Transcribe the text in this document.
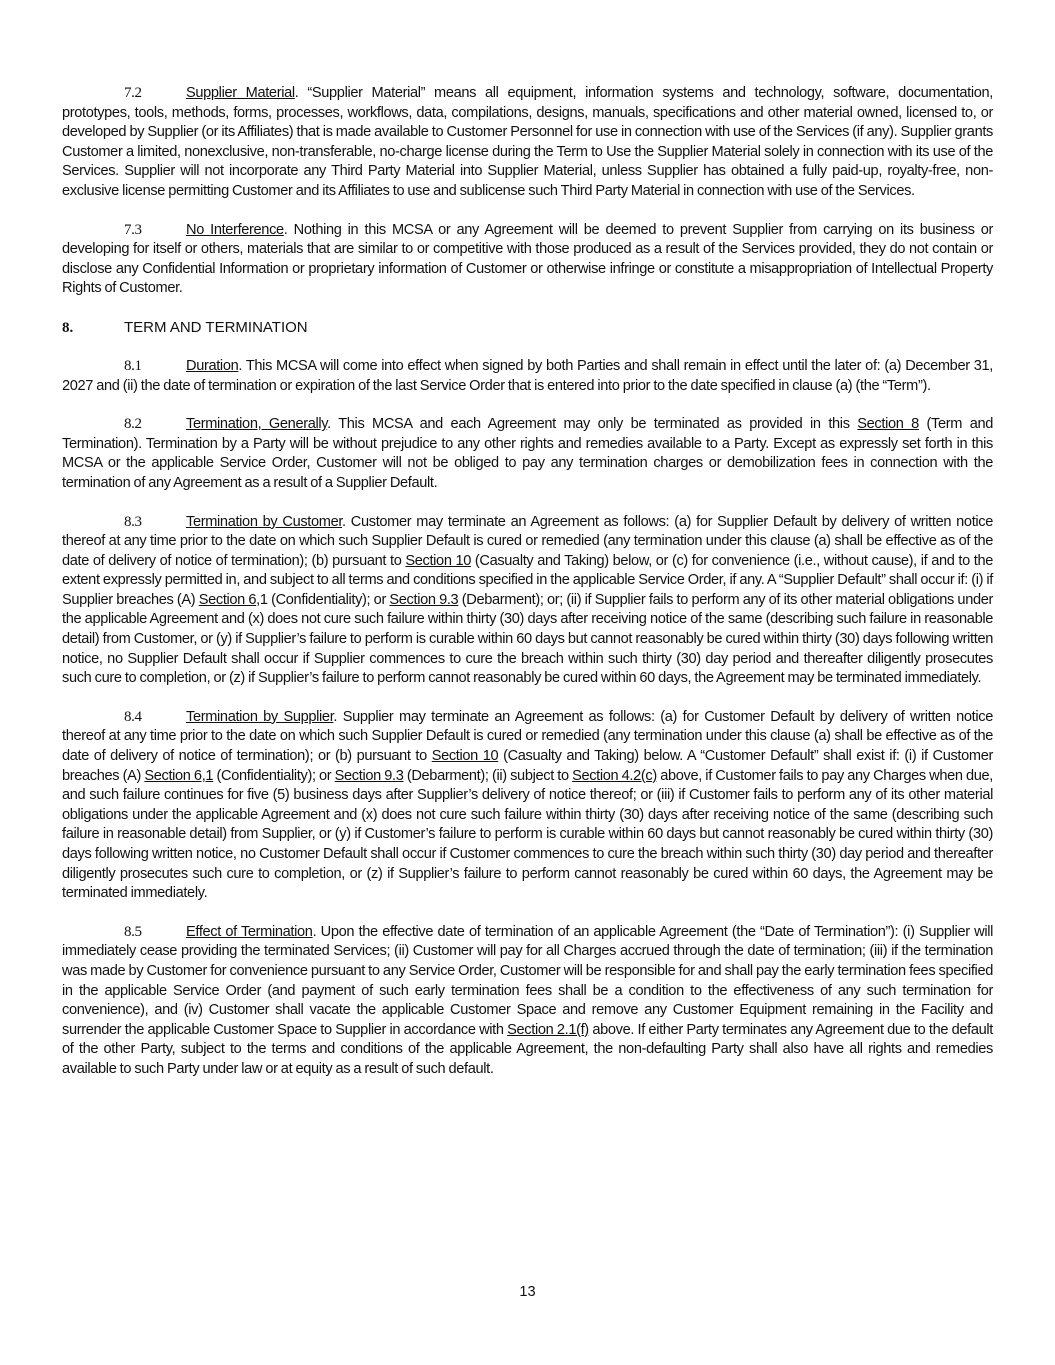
7.2	Supplier Material. “Supplier Material” means all equipment, information systems and technology, software, documentation, prototypes, tools, methods, forms, processes, workflows, data, compilations, designs, manuals, specifications and other material owned, licensed to, or developed by Supplier (or its Affiliates) that is made available to Customer Personnel for use in connection with use of the Services (if any). Supplier grants Customer a limited, nonexclusive, non-transferable, no-charge license during the Term to Use the Supplier Material solely in connection with its use of the Services. Supplier will not incorporate any Third Party Material into Supplier Material, unless Supplier has obtained a fully paid-up, royalty-free, non-exclusive license permitting Customer and its Affiliates to use and sublicense such Third Party Material in connection with use of the Services.

7.3	No Interference. Nothing in this MCSA or any Agreement will be deemed to prevent Supplier from carrying on its business or developing for itself or others, materials that are similar to or competitive with those produced as a result of the Services provided, they do not contain or disclose any Confidential Information or proprietary information of Customer or otherwise infringe or constitute a misappropriation of Intellectual Property Rights of Customer.

8.	TERM AND TERMINATION

8.1	Duration. This MCSA will come into effect when signed by both Parties and shall remain in effect until the later of: (a) December 31, 2027 and (ii) the date of termination or expiration of the last Service Order that is entered into prior to the date specified in clause (a) (the “Term”).

8.2	Termination, Generally. This MCSA and each Agreement may only be terminated as provided in this Section 8 (Term and Termination). Termination by a Party will be without prejudice to any other rights and remedies available to a Party. Except as expressly set forth in this MCSA or the applicable Service Order, Customer will not be obliged to pay any termination charges or demobilization fees in connection with the termination of any Agreement as a result of a Supplier Default.

8.3	Termination by Customer. Customer may terminate an Agreement as follows: (a) for Supplier Default by delivery of written notice thereof at any time prior to the date on which such Supplier Default is cured or remedied (any termination under this clause (a) shall be effective as of the date of delivery of notice of termination); (b) pursuant to Section 10 (Casualty and Taking) below, or (c) for convenience (i.e., without cause), if and to the extent expressly permitted in, and subject to all terms and conditions specified in the applicable Service Order, if any. A “Supplier Default” shall occur if: (i) if Supplier breaches (A) Section 6,1 (Confidentiality); or Section 9.3 (Debarment); or; (ii) if Supplier fails to perform any of its other material obligations under the applicable Agreement and (x) does not cure such failure within thirty (30) days after receiving notice of the same (describing such failure in reasonable detail) from Customer, or (y) if Supplier’s failure to perform is curable within 60 days but cannot reasonably be cured within thirty (30) days following written notice, no Supplier Default shall occur if Supplier commences to cure the breach within such thirty (30) day period and thereafter diligently prosecutes such cure to completion, or (z) if Supplier’s failure to perform cannot reasonably be cured within 60 days, the Agreement may be terminated immediately.

8.4	Termination by Supplier. Supplier may terminate an Agreement as follows: (a) for Customer Default by delivery of written notice thereof at any time prior to the date on which such Supplier Default is cured or remedied (any termination under this clause (a) shall be effective as of the date of delivery of notice of termination); or (b) pursuant to Section 10 (Casualty and Taking) below. A “Customer Default” shall exist if: (i) if Customer breaches (A) Section 6,1 (Confidentiality); or Section 9.3 (Debarment); (ii) subject to Section 4.2(c) above, if Customer fails to pay any Charges when due, and such failure continues for five (5) business days after Supplier’s delivery of notice thereof; or (iii) if Customer fails to perform any of its other material obligations under the applicable Agreement and (x) does not cure such failure within thirty (30) days after receiving notice of the same (describing such failure in reasonable detail) from Supplier, or (y) if Customer’s failure to perform is curable within 60 days but cannot reasonably be cured within thirty (30) days following written notice, no Customer Default shall occur if Customer commences to cure the breach within such thirty (30) day period and thereafter diligently prosecutes such cure to completion, or (z) if Supplier’s failure to perform cannot reasonably be cured within 60 days, the Agreement may be terminated immediately.

8.5	Effect of Termination. Upon the effective date of termination of an applicable Agreement (the “Date of Termination”): (i) Supplier will immediately cease providing the terminated Services; (ii) Customer will pay for all Charges accrued through the date of termination; (iii) if the termination was made by Customer for convenience pursuant to any Service Order, Customer will be responsible for and shall pay the early termination fees specified in the applicable Service Order (and payment of such early termination fees shall be a condition to the effectiveness of any such termination for convenience), and (iv) Customer shall vacate the applicable Customer Space and remove any Customer Equipment remaining in the Facility and surrender the applicable Customer Space to Supplier in accordance with Section 2.1(f) above. If either Party terminates any Agreement due to the default of the other Party, subject to the terms and conditions of the applicable Agreement, the non-defaulting Party shall also have all rights and remedies available to such Party under law or at equity as a result of such default.

13
